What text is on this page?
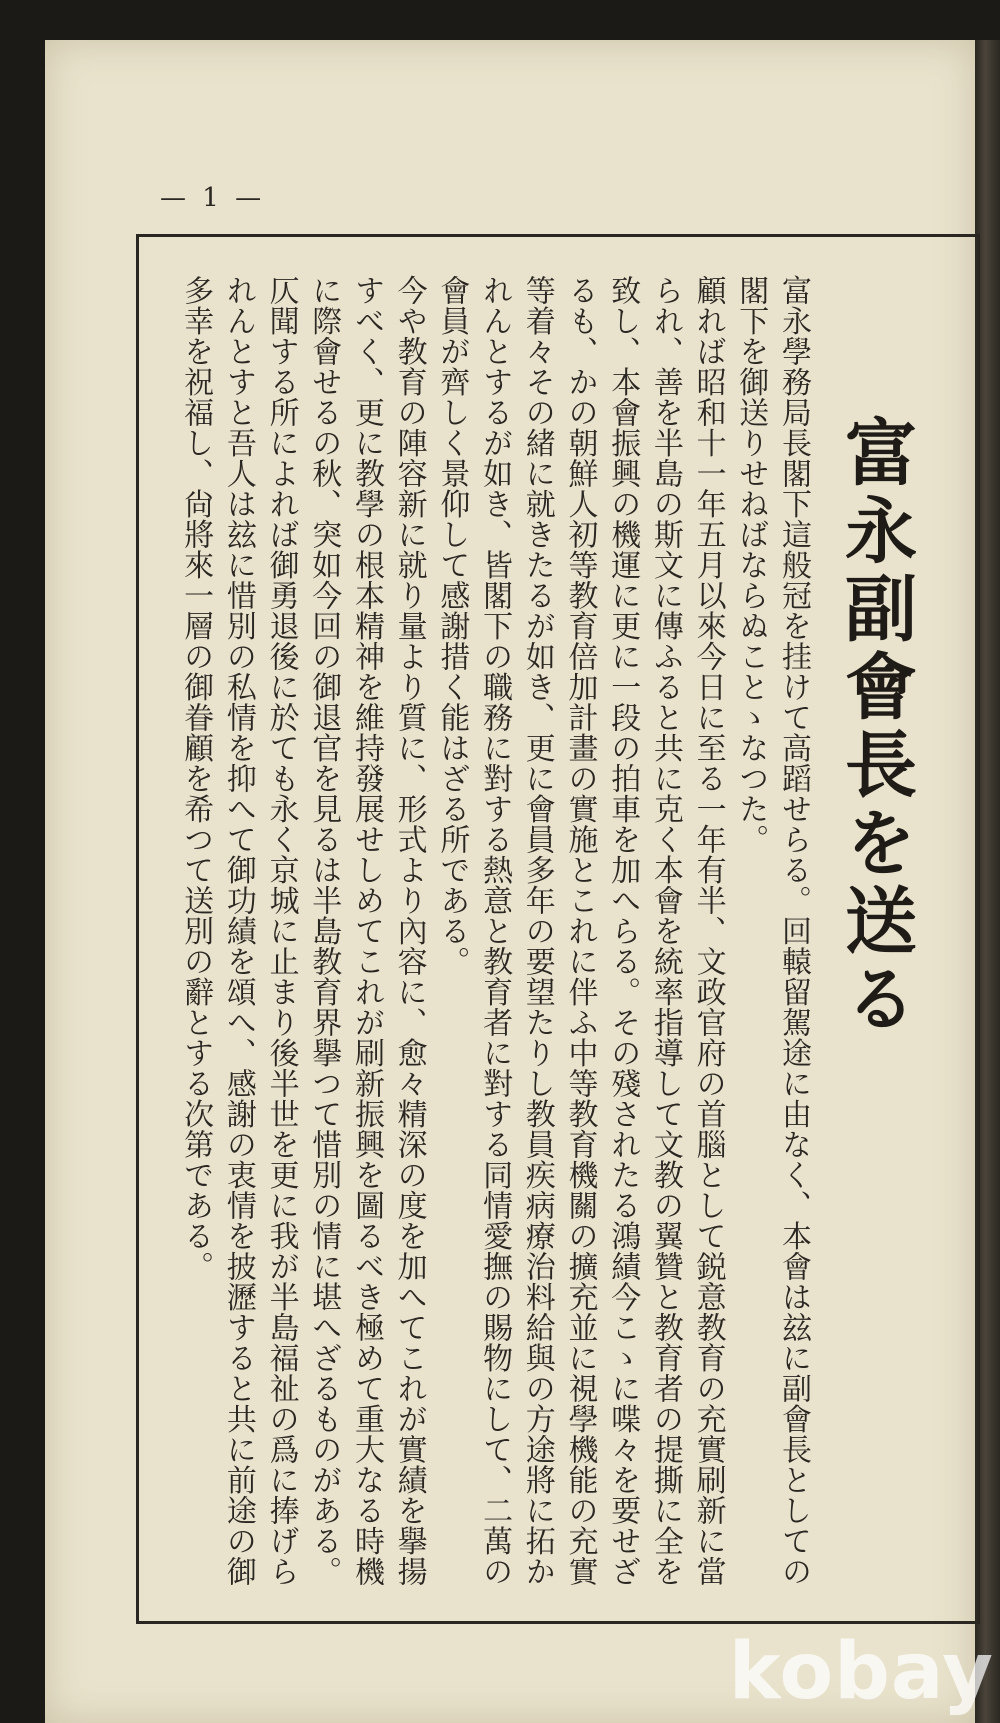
— 1 —
富永副會長を送る

富永學務局長閣下這般冠を挂けて高蹈せらる。回轅留駕途に由なく、本會は玆に副會長としての閣下を御送りせねばならぬことゝなつた。

顧れば昭和十一年五月以來今日に至る一年有半、文政官府の首腦として鋭意教育の充實刷新に當られ、善を半島の斯文に傳ふると共に克く本會を統率指導して文教の翼贊と教育者の提撕に全を致し、本會振興の機運に更に一段の拍車を加へらる。その殘されたる鴻績今こゝに喋々を要せざるも、かの朝鮮人初等教育倍加計畫の實施とこれに伴ふ中等教育機關の擴充並に視學機能の充實等着々その緒に就きたるが如き、更に會員多年の要望たりし教員疾病療治料給與の方途將に拓かれんとするが如き、皆閣下の職務に對する熱意と教育者に對する同情愛撫の賜物にして、二萬の會員が齊しく景仰して感謝措く能はざる所である。

今や教育の陣容新に就り量より質に、形式より內容に、愈々精深の度を加へてこれが實績を擧揚すべく、更に教學の根本精神を維持發展せしめてこれが刷新振興を圖るべき極めて重大なる時機に際會せるの秋、突如今回の御退官を見るは半島教育界擧つて惜別の情に堪へざるものがある。

仄聞する所によれば御勇退後に於ても永く京城に止まり後半世を更に我が半島福祉の爲に捧げられんとすと吾人は玆に惜別の私情を抑へて御功績を頌へ、感謝の衷情を披瀝すると共に前途の御多幸を祝福し、尙將來一層の御眷顧を希つて送別の辭とする次第である。

kobay
